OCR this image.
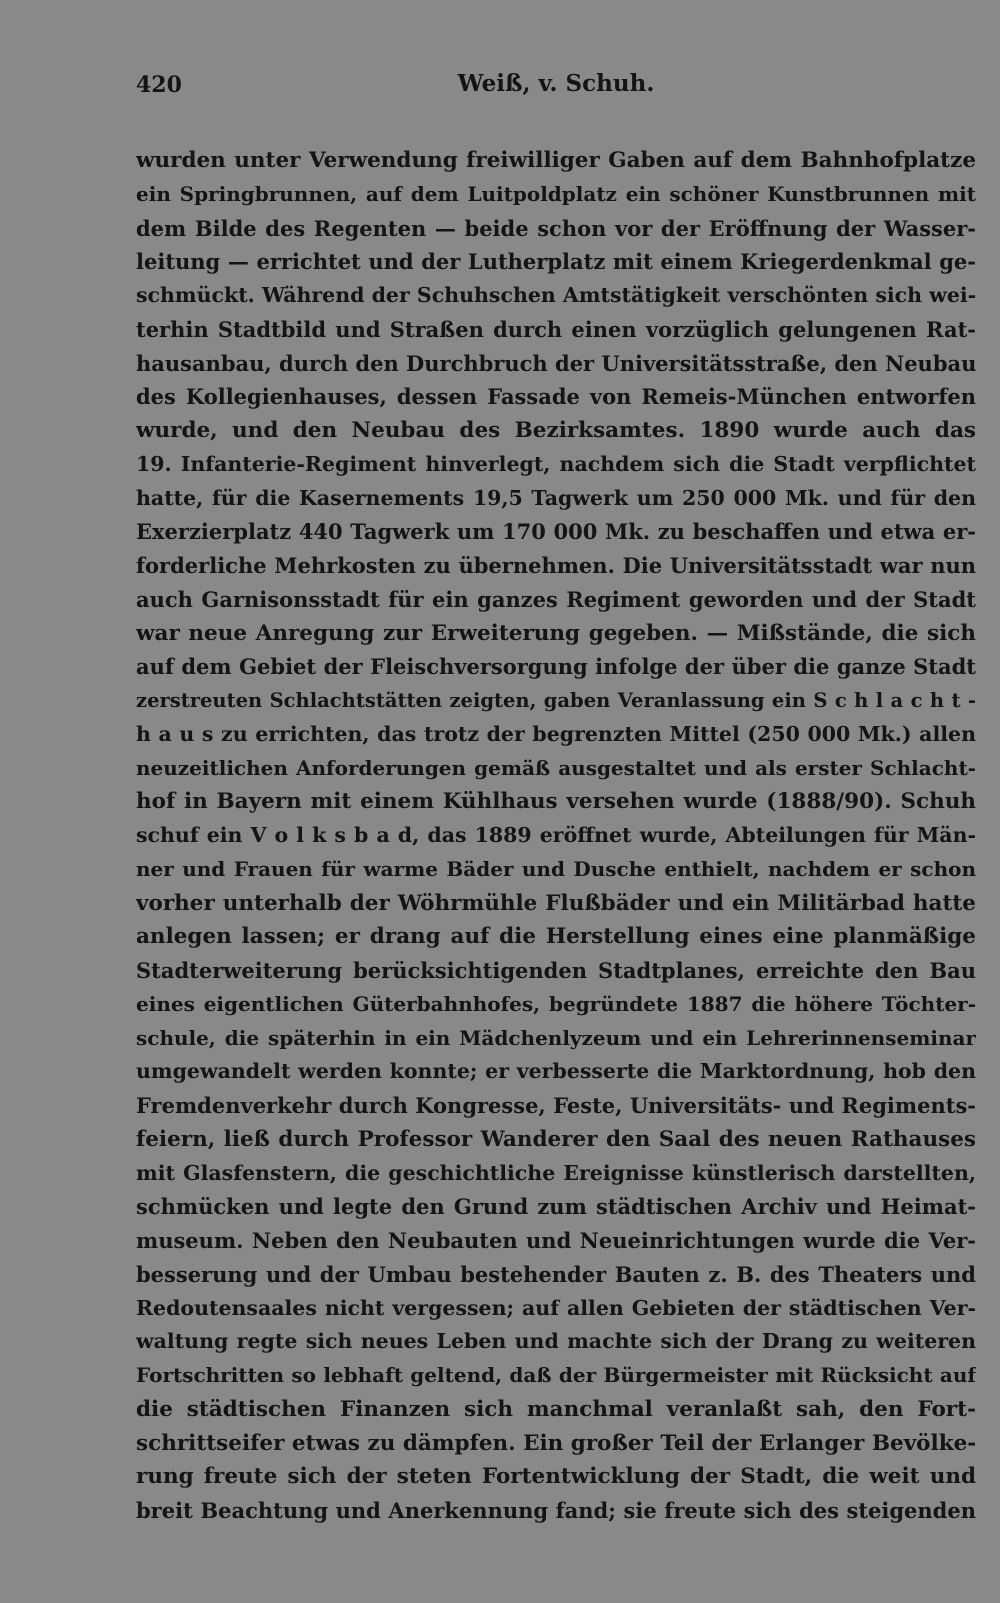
420	Weiß, v. Schuh.
wurden unter Verwendung freiwilliger Gaben auf dem Bahnhofplatze
ein Springbrunnen, auf dem Luitpoldplatz ein schöner Kunstbrunnen mit
dem Bilde des Regenten — beide schon vor der Eröffnung der Wasser-
leitung — errichtet und der Lutherplatz mit einem Kriegerdenkmal ge-
schmückt. Während der Schuhschen Amtstätigkeit verschönten sich wei-
terhin Stadtbild und Straßen durch einen vorzüglich gelungenen Rat-
hausanbau, durch den Durchbruch der Universitätsstraße, den Neubau
des Kollegienhauses, dessen Fassade von Remeis-München entworfen
wurde, und den Neubau des Bezirksamtes. 1890 wurde auch das
19. Infanterie-Regiment hinverlegt, nachdem sich die Stadt verpflichtet
hatte, für die Kasernements 19,5 Tagwerk um 250 000 Mk. und für den
Exerzierplatz 440 Tagwerk um 170 000 Mk. zu beschaffen und etwa er-
forderliche Mehrkosten zu übernehmen. Die Universitätsstadt war nun
auch Garnisonsstadt für ein ganzes Regiment geworden und der Stadt
war neue Anregung zur Erweiterung gegeben. — Mißstände, die sich
auf dem Gebiet der Fleischversorgung infolge der über die ganze Stadt
zerstreuten Schlachtstätten zeigten, gaben Veranlassung ein S c h l a c h t -
h a u s zu errichten, das trotz der begrenzten Mittel (250 000 Mk.) allen
neuzeitlichen Anforderungen gemäß ausgestaltet und als erster Schlacht-
hof in Bayern mit einem Kühlhaus versehen wurde (1888/90). Schuh
schuf ein V o l k s b a d, das 1889 eröffnet wurde, Abteilungen für Män-
ner und Frauen für warme Bäder und Dusche enthielt, nachdem er schon
vorher unterhalb der Wöhrmühle Flußbäder und ein Militärbad hatte
anlegen lassen; er drang auf die Herstellung eines eine planmäßige
Stadterweiterung berücksichtigenden Stadtplanes, erreichte den Bau
eines eigentlichen Güterbahnhofes, begründete 1887 die höhere Töchter-
schule, die späterhin in ein Mädchenlyzeum und ein Lehrerinnenseminar
umgewandelt werden konnte; er verbesserte die Marktordnung, hob den
Fremdenverkehr durch Kongresse, Feste, Universitäts- und Regiments-
feiern, ließ durch Professor Wanderer den Saal des neuen Rathauses
mit Glasfenstern, die geschichtliche Ereignisse künstlerisch darstellten,
schmücken und legte den Grund zum städtischen Archiv und Heimat-
museum. Neben den Neubauten und Neueinrichtungen wurde die Ver-
besserung und der Umbau bestehender Bauten z. B. des Theaters und
Redoutensaales nicht vergessen; auf allen Gebieten der städtischen Ver-
waltung regte sich neues Leben und machte sich der Drang zu weiteren
Fortschritten so lebhaft geltend, daß der Bürgermeister mit Rücksicht auf
die städtischen Finanzen sich manchmal veranlaßt sah, den Fort-
schrittseifer etwas zu dämpfen. Ein großer Teil der Erlanger Bevölke-
rung freute sich der steten Fortentwicklung der Stadt, die weit und
breit Beachtung und Anerkennung fand; sie freute sich des steigenden
